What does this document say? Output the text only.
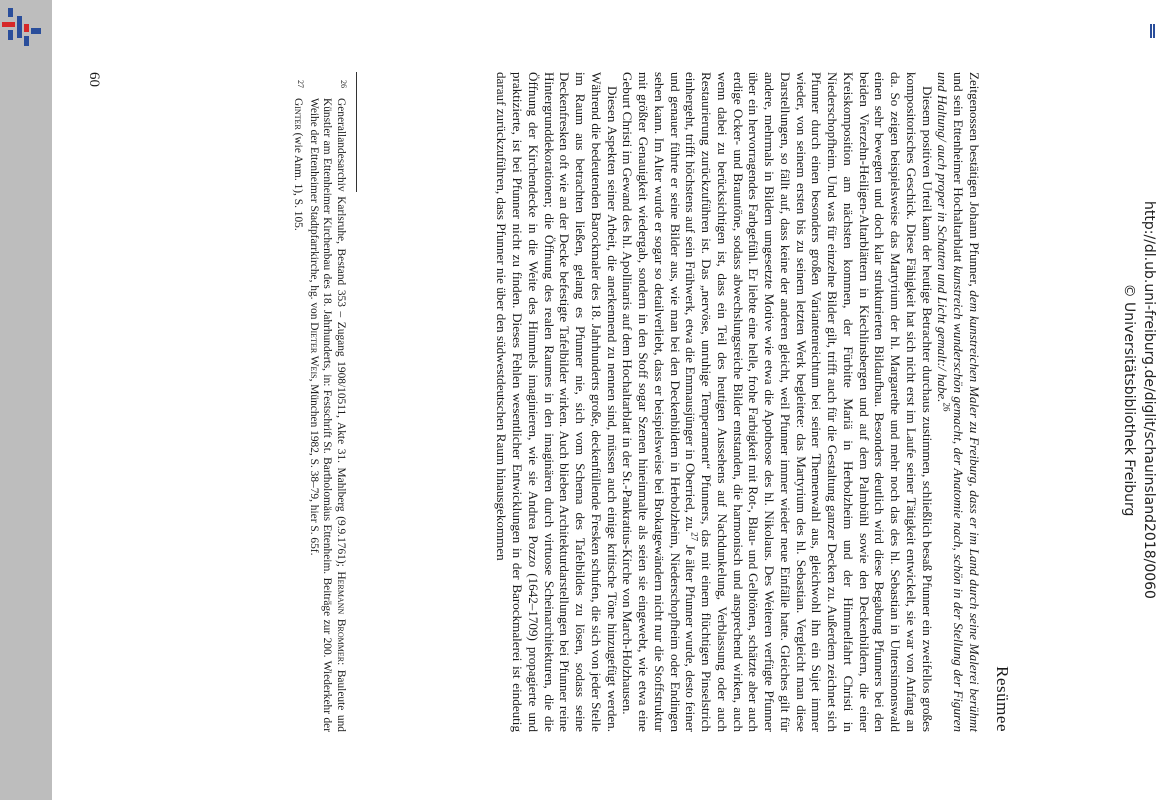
http://dl.ub.uni-freiburg.de/diglit/schauinsland2018/0060
© Universitätsbibliothek Freiburg
Resümee

Zeitgenossen bestätigen Johann Pfunner, dem kunstreichen Maler zu Freiburg, dass er im Land durch seine Malerei berühmt und sein Ettenheimer Hochaltarblatt kunstreich wunderschön gemacht, der Anatomie nach, schön in der Stellung der Figuren und Haltung/ auch proper in Schatten und Licht gemalt:/ habe.$^{26}$

Diesem positiven Urteil kann der heutige Betrachter durchaus zustimmen, schließlich besaß Pfunner ein zweifellos großes kompositorisches Geschick. Diese Fähigkeit hat sich nicht erst im Laufe seiner Tätigkeit entwickelt, sie war von Anfang an da. So zeigen beispielsweise das Martyrium der hl. Margarethe und mehr noch das des hl. Sebastian in Untersimonswald einen sehr bewegten und doch klar strukturierten Bildaufbau. Besonders deutlich wird diese Begabung Pfunners bei den beiden Vierzehn-Heiligen-Altarblättern in Kiechlinsbergen und auf dem Palmbühl sowie den Deckenbildern, die einer Kreiskomposition am nächsten kommen, der Fürbitte Mariä in Herbolzheim und der Himmelfahrt Christi in Niederschopfheim. Und was für einzelne Bilder gilt, trifft auch für die Gestaltung ganzer Decken zu. Außerdem zeichnet sich Pfunner durch einen besonders großen Variantenreichtum bei seiner Themenwahl aus, gleichwohl ihn ein Sujet immer wieder, von seinem ersten bis zu seinem letzten Werk begleitete: das Martyrium des hl. Sebastian. Vergleicht man diese Darstellungen, so fällt auf, dass keine der anderen gleicht, weil Pfunner immer wieder neue Einfälle hatte. Gleiches gilt für andere, mehrmals in Bildern umgesetzte Motive wie etwa die Apotheose des hl. Nikolaus. Des Weiteren verfügte Pfunner über ein hervorragendes Farbgefühl. Er liebte eine helle, frohe Farbigkeit mit Rot-, Blau- und Gelbtönen, schätzte aber auch erdige Ocker- und Brauntöne, sodass abwechslungsreiche Bilder entstanden, die harmonisch und ansprechend wirken, auch wenn dabei zu berücksichtigen ist, dass ein Teil des heutigen Aussehens auf Nachdunkelung, Verblassung oder auch Restaurierung zurückzuführen ist. Das „nervöse, unruhige Temperament“ Pfunners, das mit einem flüchtigen Pinselstrich einhergeht, trifft höchstens auf sein Frühwerk, etwa die Emmausjünger in Oberried, zu.$^{27}$ Je älter Pfunner wurde, desto feiner und genauer führte er seine Bilder aus, wie man bei den Deckenbildern in Herbolzheim, Niederschopfheim oder Endingen sehen kann. Im Alter wurde er sogar so detailverliebt, dass er beispielsweise bei Brokatgewändern nicht nur die Stoffstruktur mit größter Genauigkeit wiedergab, sondern in den Stoff sogar Szenen hineinmalte als seien sie eingewebt, wie etwa eine Geburt Christi im Gewand des hl. Apollinaris auf dem Hochaltarblatt in der St.-Pankratius-Kirche von March-Holzhausen.

Diesen Aspekten seiner Arbeit, die anerkennend zu nennen sind, müssen auch einige kritische Töne hinzugefügt werden. Während die bedeutenden Barockmaler des 18. Jahrhunderts große, deckenfüllende Fresken schufen, die sich von jeder Stelle im Raum aus betrachten ließen, gelang es Pfunner nie, sich vom Schema des Tafelbildes zu lösen, sodass seine Deckenfresken oft wie an der Decke befestigte Tafelbilder wirken. Auch blieben Architekturdarstellungen bei Pfunner reine Hintergrunddekorationen; die Öffnung des realen Raumes in den imaginären durch virtuose Scheinarchitekturen, die die Öffnung der Kirchendecke in die Weite des Himmels imaginieren, wie sie Andrea Pozzo (1642–1709) propagierte und praktizierte, ist bei Pfunner nicht zu finden. Dieses Fehlen wesentlicher Entwicklungen in der Barockmalerei ist eindeutig darauf zurückzuführen, dass Pfunner nie über den südwestdeutschen Raum hinausgekommen

26
Generallandesarchiv Karlsruhe, Bestand 353 – Zugang 1908/10511, Akte 31. Mahlberg (9.9.1761); Hermann Brommer: Bauleute und Künstler am Ettenheimer Kirchenbau des 18. Jahrhunderts, in: Festschrift St. Bartholomäus Ettenheim. Beiträge zur 200. Wiederkehr der Weihe der Ettenheimer Stadtpfarrkirche, hg. von Dieter Weis, München 1982, S. 38–79, hier S. 65f.
27
Ginter (wie Anm. 1), S. 105.
60
